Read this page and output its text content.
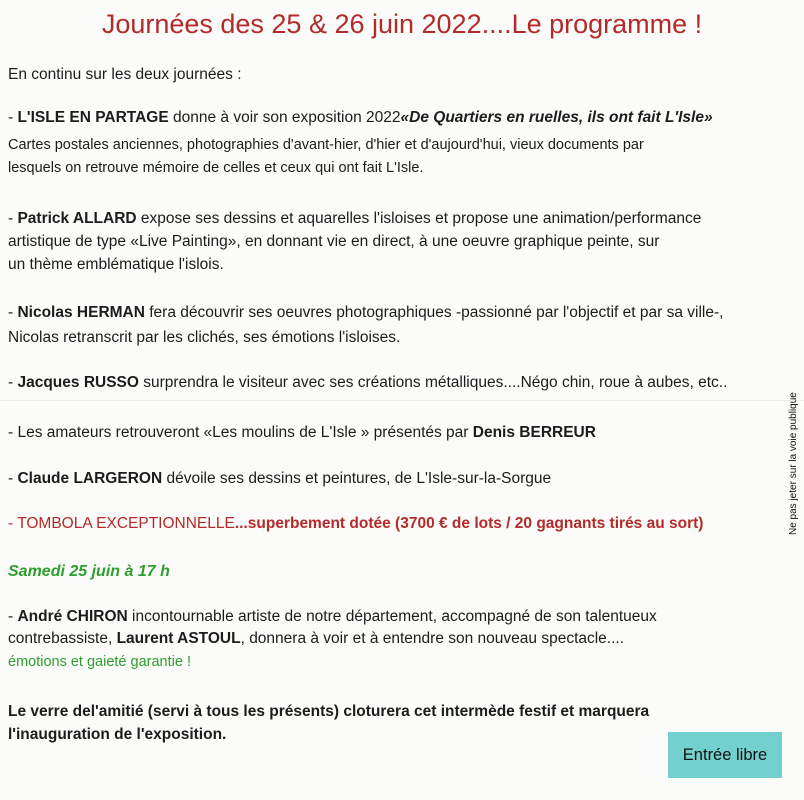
Journées des 25 & 26 juin 2022....Le programme !
En continu sur les deux journées :
- L'ISLE EN PARTAGE donne à voir son exposition 2022«De Quartiers en ruelles, ils ont fait L'Isle»
Cartes postales anciennes, photographies d'avant-hier, d'hier et d'aujourd'hui, vieux documents par
lesquels on retrouve mémoire de celles et ceux qui ont fait L'Isle.
- Patrick ALLARD expose ses dessins et aquarelles l'isloises et propose une animation/performance
artistique de type «Live Painting», en donnant vie en direct, à une oeuvre graphique peinte, sur
un thème emblématique l'islois.
- Nicolas HERMAN fera découvrir ses oeuvres photographiques -passionné par l'objectif et par sa ville-,
Nicolas retranscrit par les clichés, ses émotions l'isloises.
- Jacques RUSSO surprendra le visiteur avec ses créations métalliques....Négo chin, roue à aubes, etc..
- Les amateurs retrouveront «Les moulins de L'Isle » présentés par Denis BERREUR
- Claude LARGERON dévoile ses dessins et peintures, de L'Isle-sur-la-Sorgue
- TOMBOLA EXCEPTIONNELLE...superbement dotée (3700 € de lots / 20 gagnants tirés au sort)
Samedi 25 juin à 17 h
- André CHIRON incontournable artiste de notre département, accompagné de son talentueux
contrebassiste, Laurent ASTOUL, donnera à voir et à entendre son nouveau spectacle....
émotions et gaieté garantie !
Le verre del'amitié (servi à tous les présents) cloturera cet intermède festif et marquera
l'inauguration de l'exposition.
Ne pas jeter sur la voie publique
Entrée libre
